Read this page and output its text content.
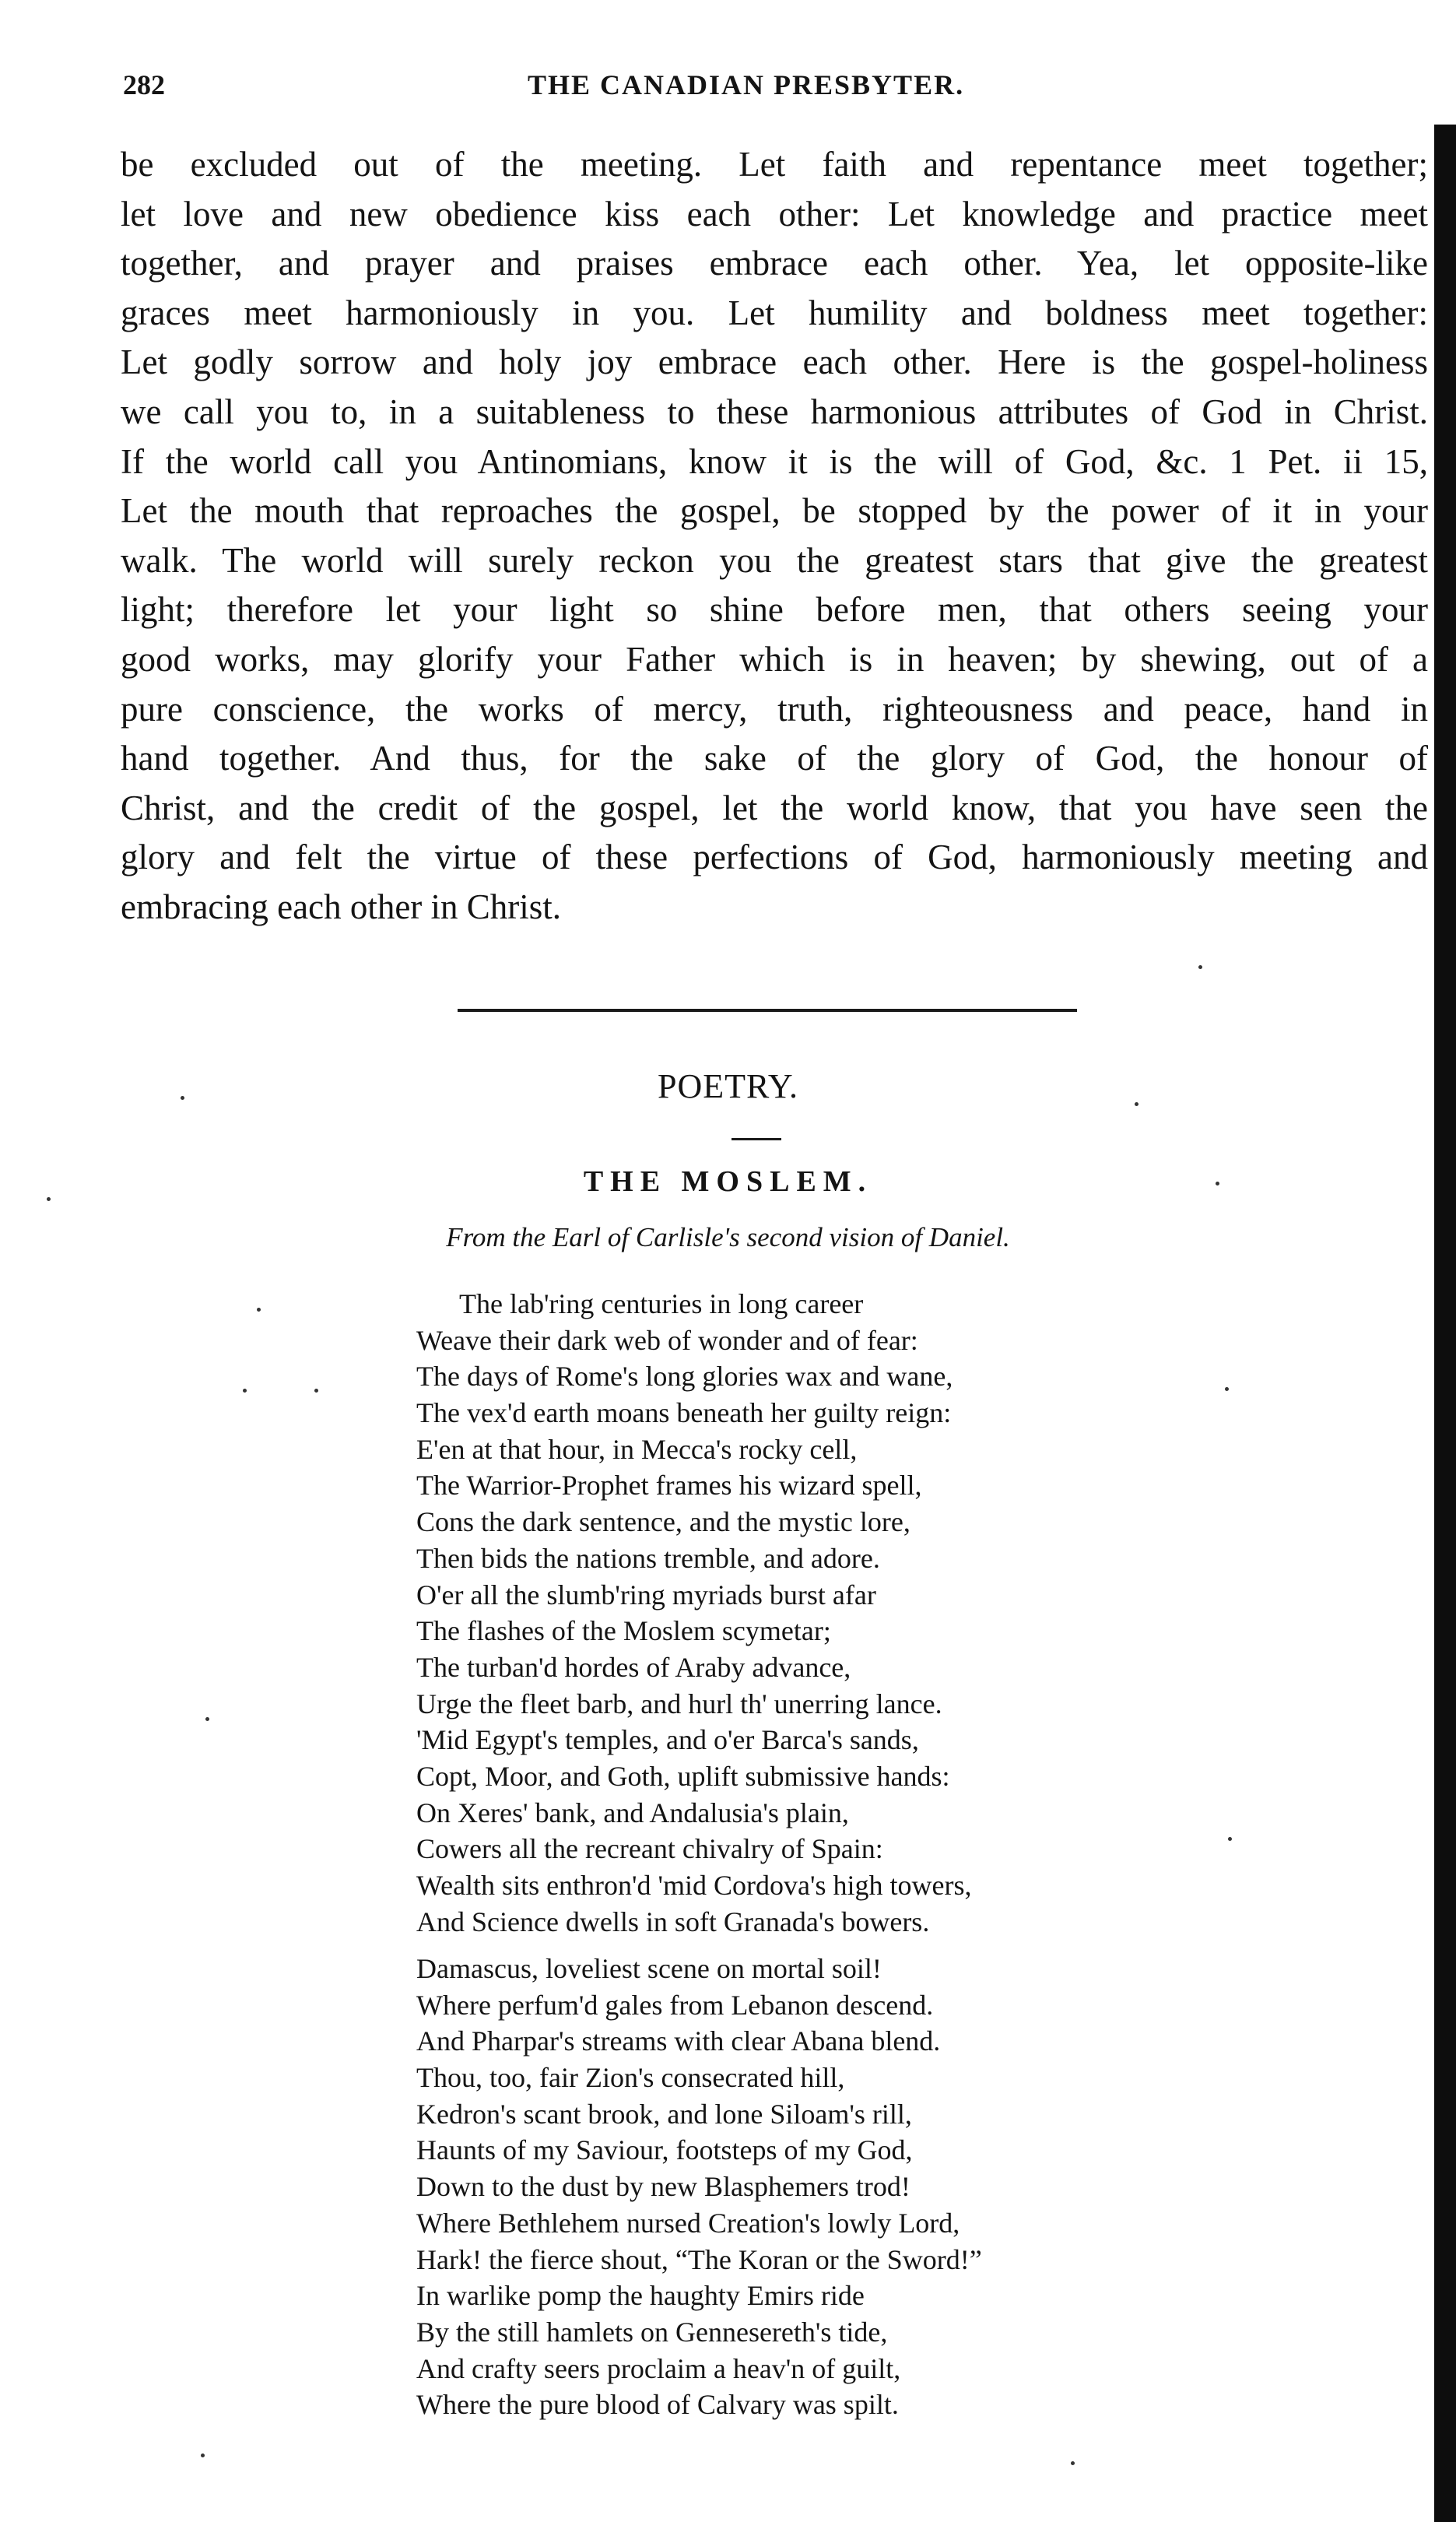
282	THE CANADIAN PRESBYTER.
be excluded out of the meeting. Let faith and repentance meet together;
let love and new obedience kiss each other: Let knowledge and practice meet
together, and prayer and praises embrace each other. Yea, let opposite-like
graces meet harmoniously in you. Let humility and boldness meet together:
Let godly sorrow and holy joy embrace each other. Here is the gospel-holiness
we call you to, in a suitableness to these harmonious attributes of God in Christ.
If the world call you Antinomians, know it is the will of God, &c. 1 Pet. ii 15,
Let the mouth that reproaches the gospel, be stopped by the power of it in your
walk. The world will surely reckon you the greatest stars that give the greatest
light; therefore let your light so shine before men, that others seeing your
good works, may glorify your Father which is in heaven; by shewing, out of a
pure conscience, the works of mercy, truth, righteousness and peace, hand in
hand together. And thus, for the sake of the glory of God, the honour of
Christ, and the credit of the gospel, let the world know, that you have seen the
glory and felt the virtue of these perfections of God, harmoniously meeting and
embracing each other in Christ.
POETRY.
THE MOSLEM.
From the Earl of Carlisle's second vision of Daniel.
The lab'ring centuries in long career
Weave their dark web of wonder and of fear:
The days of Rome's long glories wax and wane,
The vex'd earth moans beneath her guilty reign:
E'en at that hour, in Mecca's rocky cell,
The Warrior-Prophet frames his wizard spell,
Cons the dark sentence, and the mystic lore,
Then bids the nations tremble, and adore.
O'er all the slumb'ring myriads burst afar
The flashes of the Moslem scymetar;
The turban'd hordes of Araby advance,
Urge the fleet barb, and hurl th' unerring lance.
'Mid Egypt's temples, and o'er Barca's sands,
Copt, Moor, and Goth, uplift submissive hands:
On Xeres' bank, and Andalusia's plain,
Cowers all the recreant chivalry of Spain:
Wealth sits enthron'd 'mid Cordova's high towers,
And Science dwells in soft Granada's bowers.
Damascus, loveliest scene on mortal soil!
Where perfum'd gales from Lebanon descend.
And Pharpar's streams with clear Abana blend.
Thou, too, fair Zion's consecrated hill,
Kedron's scant brook, and lone Siloam's rill,
Haunts of my Saviour, footsteps of my God,
Down to the dust by new Blasphemers trod!
Where Bethlehem nursed Creation's lowly Lord,
Hark! the fierce shout, “The Koran or the Sword!”
In warlike pomp the haughty Emirs ride
By the still hamlets on Gennesereth's tide,
And crafty seers proclaim a heav'n of guilt,
Where the pure blood of Calvary was spilt.
